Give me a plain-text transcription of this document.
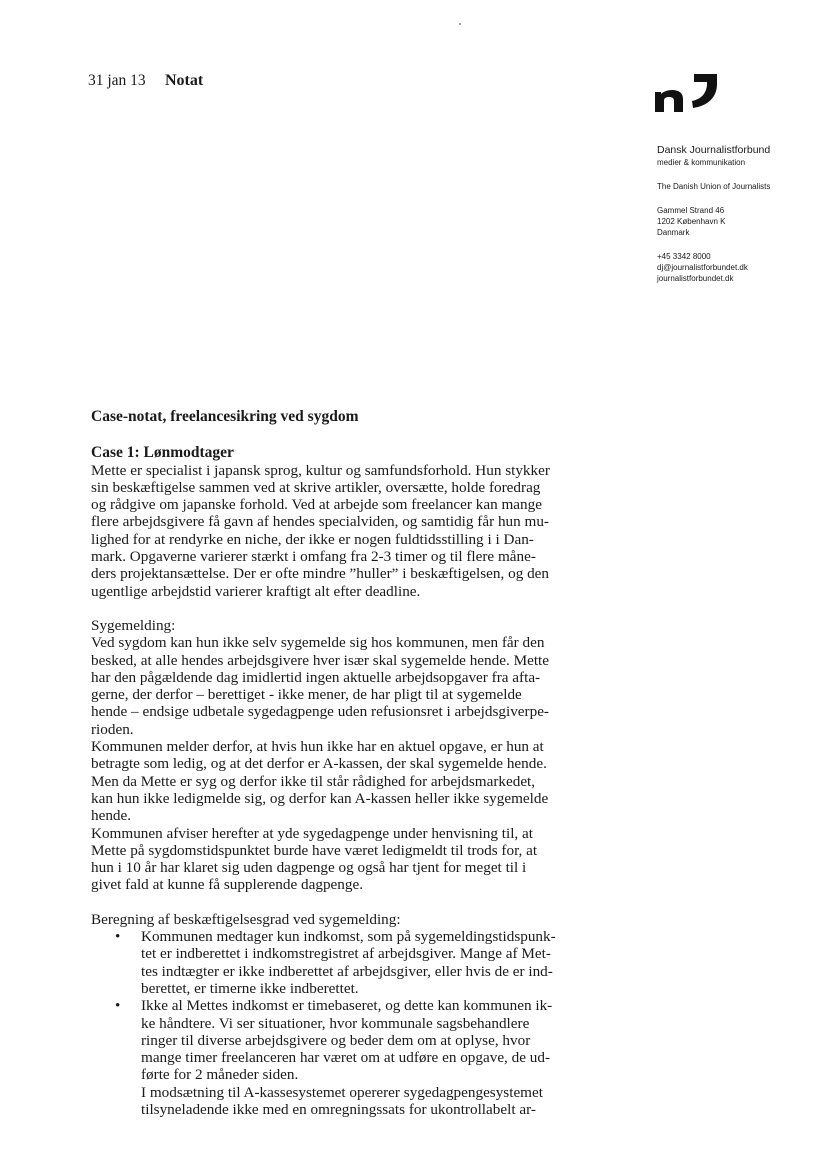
31 jan 13 Notat
Dansk Journalistforbund
medier & kommunikation
The Danish Union of Journalists
Gammel Strand 46
1202 København K
Danmark
+45 3342 8000
dj@journalistforbundet.dk
journalistforbundet.dk

Case-notat, freelancesikring ved sygdom

Case 1: Lønmodtager

Mette er specialist i japansk sprog, kultur og samfundsforhold. Hun stykker
sin beskæftigelse sammen ved at skrive artikler, oversætte, holde foredrag
og rådgive om japanske forhold. Ved at arbejde som freelancer kan mange
flere arbejdsgivere få gavn af hendes specialviden, og samtidig får hun mu-
lighed for at rendyrke en niche, der ikke er nogen fuldtidsstilling i i Dan-
mark. Opgaverne varierer stærkt i omfang fra 2-3 timer og til flere måne-
ders projektansættelse. Der er ofte mindre ”huller” i beskæftigelsen, og den
ugentlige arbejdstid varierer kraftigt alt efter deadline.

Sygemelding:

Ved sygdom kan hun ikke selv sygemelde sig hos kommunen, men får den
besked, at alle hendes arbejdsgivere hver især skal sygemelde hende. Mette
har den pågældende dag imidlertid ingen aktuelle arbejdsopgaver fra afta-
gerne, der derfor – berettiget - ikke mener, de har pligt til at sygemelde
hende – endsige udbetale sygedagpenge uden refusionsret i arbejdsgiverpe-
rioden.
Kommunen melder derfor, at hvis hun ikke har en aktuel opgave, er hun at
betragte som ledig, og at det derfor er A-kassen, der skal sygemelde hende.
Men da Mette er syg og derfor ikke til står rådighed for arbejdsmarkedet,
kan hun ikke ledigmelde sig, og derfor kan A-kassen heller ikke sygemelde
hende.
Kommunen afviser herefter at yde sygedagpenge under henvisning til, at
Mette på sygdomstidspunktet burde have været ledigmeldt til trods for, at
hun i 10 år har klaret sig uden dagpenge og også har tjent for meget til i
givet fald at kunne få supplerende dagpenge.

Beregning af beskæftigelsesgrad ved sygemelding:

• Kommunen medtager kun indkomst, som på sygemeldingstidspunk-
tet er indberettet i indkomstregistret af arbejdsgiver. Mange af Met-
tes indtægter er ikke indberettet af arbejdsgiver, eller hvis de er ind-
berettet, er timerne ikke indberettet.
• Ikke al Mettes indkomst er timebaseret, og dette kan kommunen ik-
ke håndtere. Vi ser situationer, hvor kommunale sagsbehandlere
ringer til diverse arbejdsgivere og beder dem om at oplyse, hvor
mange timer freelanceren har været om at udføre en opgave, de ud-
førte for 2 måneder siden.
I modsætning til A-kassesystemet opererer sygedagpengesystemet
tilsyneladende ikke med en omregningssats for ukontrollabelt ar-
